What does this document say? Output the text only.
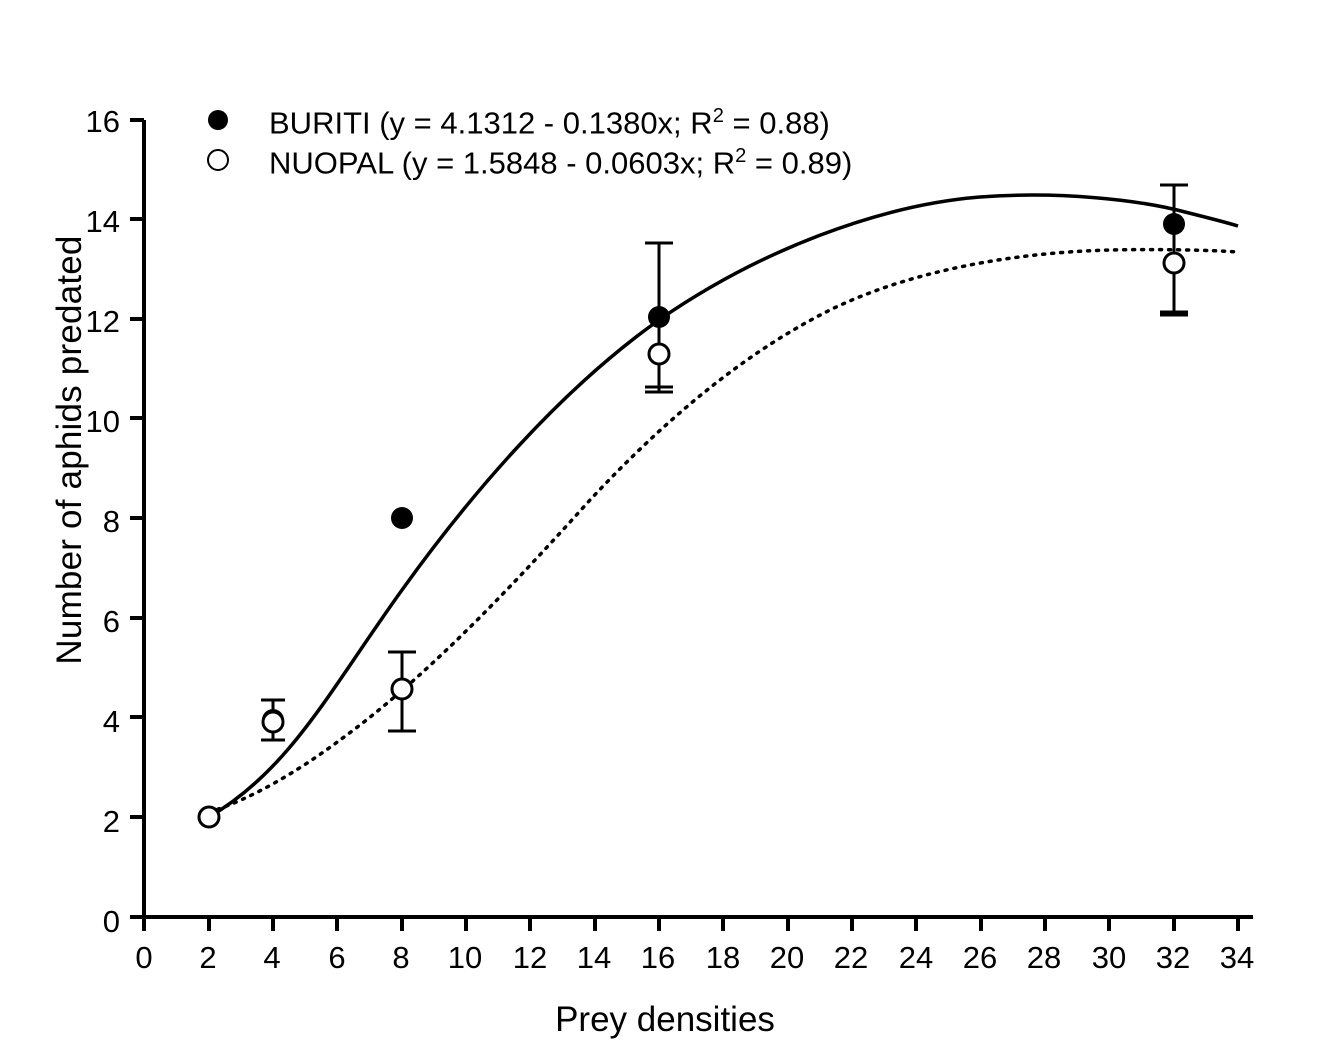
Number of aphids predated
Prey densities
16
14
12
10
8
6
4
2
0
0	2	4	6	8	10 12 14 16 18 20 22 24 26 28 30 32 34
BURITI (y = 4.1312 - 0.1380x; $R^2 = 0.88$)
NUOPAL (y = 1.5848 - 0.0603x; $R^2 = 0.89$)
